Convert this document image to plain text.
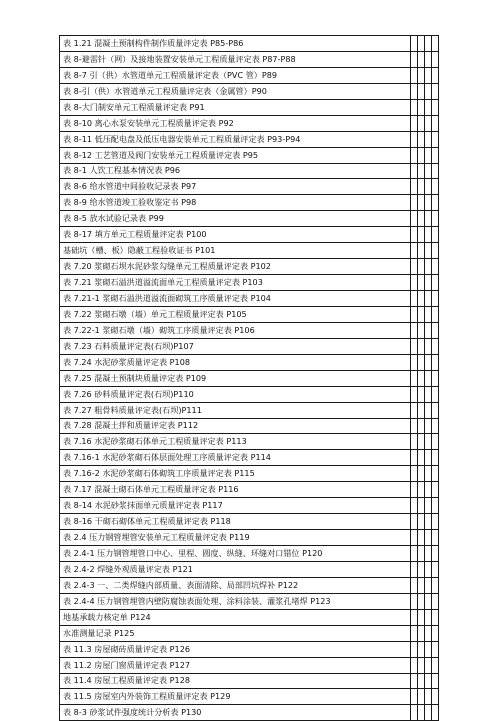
表 1.21 混凝土预制构件制作质量评定表 P85-P86				
表 8-避雷针（网）及接地装置安装单元工程质量评定表 P87-P88				
表 8-7 引（供）水管道单元工程质量评定表（PVC 管）P89				
表 8-引（供）水管道单元工程质量评定表（金属管）P90				
表 8-大门制安单元工程质量评定表 P91				
表 8-10 离心水泵安装单元工程质量评定表 P92				
表 8-11 低压配电盘及低压电器安装单元工程质量评定表 P93-P94				
表 8-12 工艺管道及阀门安装单元工程质量评定表 P95				
表 8-1 人饮工程基本情况表 P96				
表 8-6 给水管道中间验收记录表 P97				
表 8-9 给水管道竣工验收鉴定书 P98				
表 8-5 放水试验记录表 P99				
表 8-17 填方单元工程质量评定表 P100				
基础坑（槽、板）隐蔽工程验收证书 P101				
表 7.20 浆砌石坝水泥砂浆勾缝单元工程质量评定表 P102				
表 7.21 浆砌石溢洪道溢流面单元工程质量评定表 P103				
表 7.21-1 浆砌石溢洪道溢流面砌筑工序质量评定表 P104				
表 7.22 浆砌石墩（墙）单元工程质量评定表 P105				
表 7.22-1 浆砌石墩（墙）砌筑工序质量评定表 P106				
表 7.23 石料质量评定表(石坝)P107				
表 7.24 水泥砂浆质量评定表 P108				
表 7.25 混凝土预制块质量评定表 P109				
表 7.26 砂料质量评定表(石坝)P110				
表 7.27 粗骨料质量评定表(石坝)P111				
表 7.28 混凝土拌和质量评定表 P112				
表 7.16 水泥砂浆砌石体单元工程质量评定表 P113				
表 7.16-1 水泥砂浆砌石体层面处理工序质量评定表 P114				
表 7.16-2 水泥砂浆砌石体砌筑工序质量评定表 P115				
表 7.17 混凝土砌石体单元工程质量评定表 P116				
表 8-14 水泥砂浆抹面单元质量评定表 P117				
表 8-16 干砌石砌体单元工程质量评定表 P118				
表 2.4 压力钢管埋管安装单元工程质量评定表 P119				
表 2.4-1 压力钢管埋管口中心、里程、圆度、纵缝、环缝对口错位 P120				
表 2.4-2 焊缝外观质量评定表 P121				
表 2.4-3 一、二类焊缝内部质量、表面清除、局部凹坑焊补 P122				
表 2.4-4 压力钢管埋管内壁防腐蚀表面处理、涂料涂装、灌浆孔堵焊 P123				
地基承载力核定单 P124				
水准测量记录 P125				
表 11.3 房屋砌砖质量评定表 P126				
表 11.2 房屋门窗质量评定表 P127				
表 11.4 房屋工程质量评定表 P128				
表 11.5 房屋室内外装饰工程质量评定表 P129				
表 8-3 砂浆试件强度统计分析表 P130				
